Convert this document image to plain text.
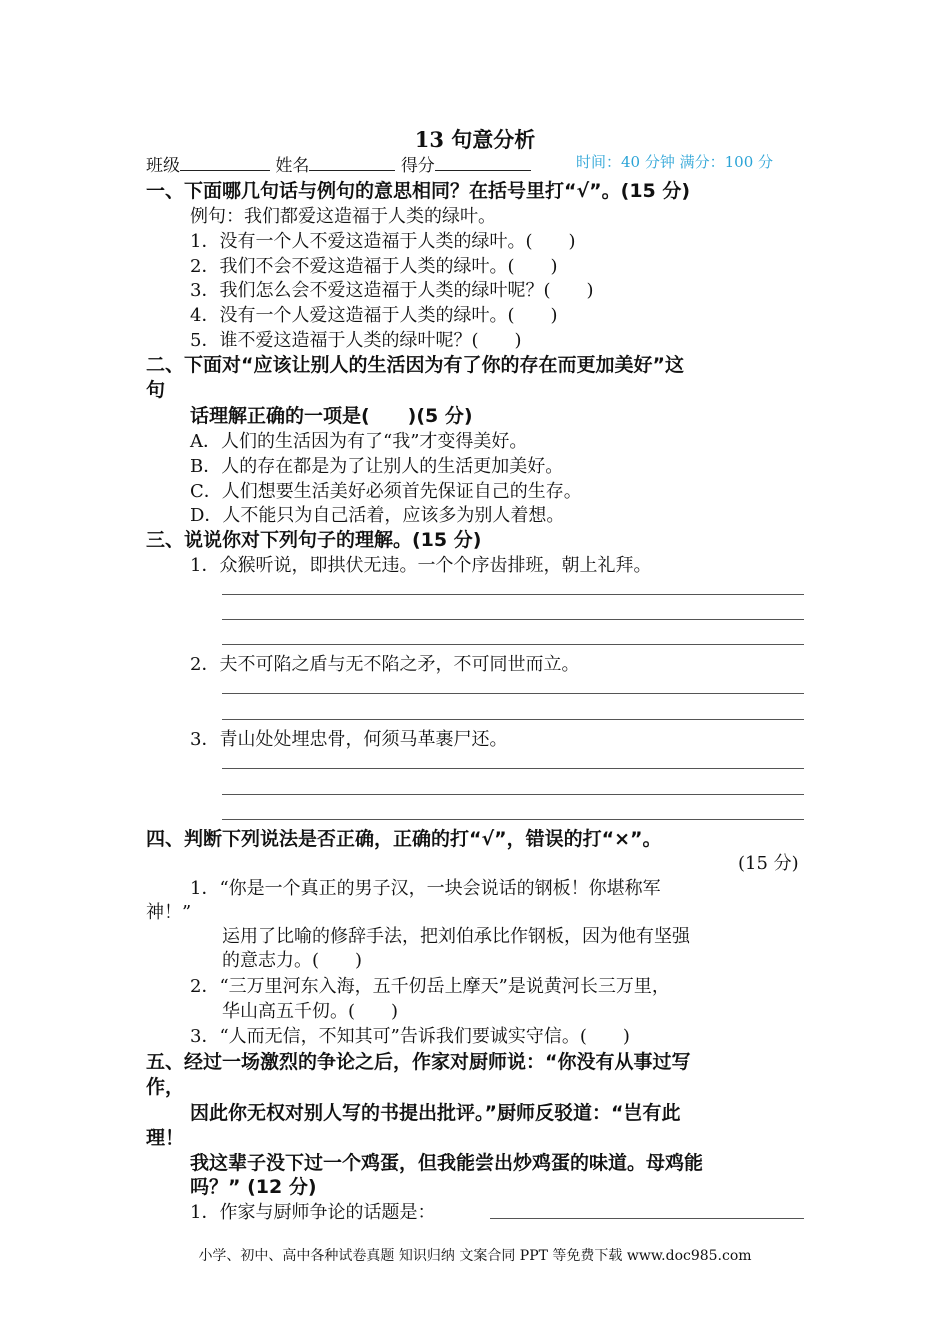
13 句意分析
班级	姓名	得分	时间：40 分钟 满分：100 分
一、下面哪几句话与例句的意思相同？在括号里打“√”。(15 分)
例句：我们都爱这造福于人类的绿叶。
1．没有一个人不爱这造福于人类的绿叶。(　　)
2．我们不会不爱这造福于人类的绿叶。(　　)
3．我们怎么会不爱这造福于人类的绿叶呢？(　　)
4．没有一个人爱这造福于人类的绿叶。(　　)
5．谁不爱这造福于人类的绿叶呢？(　　)
二、下面对“应该让别人的生活因为有了你的存在而更加美好”这
句
话理解正确的一项是(　　)(5 分)
A．人们的生活因为有了“我”才变得美好。
B．人的存在都是为了让别人的生活更加美好。
C．人们想要生活美好必须首先保证自己的生存。
D．人不能只为自己活着，应该多为别人着想。
三、说说你对下列句子的理解。(15 分)
1．众猴听说，即拱伏无违。一个个序齿排班，朝上礼拜。
2．夫不可陷之盾与无不陷之矛，不可同世而立。
3．青山处处埋忠骨，何须马革裹尸还。
四、判断下列说法是否正确，正确的打“√”，错误的打“×”。
(15 分)
1．“你是一个真正的男子汉，一块会说话的钢板！你堪称军
神！”
运用了比喻的修辞手法，把刘伯承比作钢板，因为他有坚强
的意志力。(　　)
2．“三万里河东入海，五千仞岳上摩天”是说黄河长三万里，
华山高五千仞。(　　)
3．“人而无信，不知其可”告诉我们要诚实守信。(　　)
五、经过一场激烈的争论之后，作家对厨师说：“你没有从事过写
作，
因此你无权对别人写的书提出批评。”厨师反驳道：“岂有此
理！
我这辈子没下过一个鸡蛋，但我能尝出炒鸡蛋的味道。母鸡能
吗？” (12 分)
1．作家与厨师争论的话题是：
小学、初中、高中各种试卷真题 知识归纳 文案合同 PPT 等免费下载 www.doc985.com
